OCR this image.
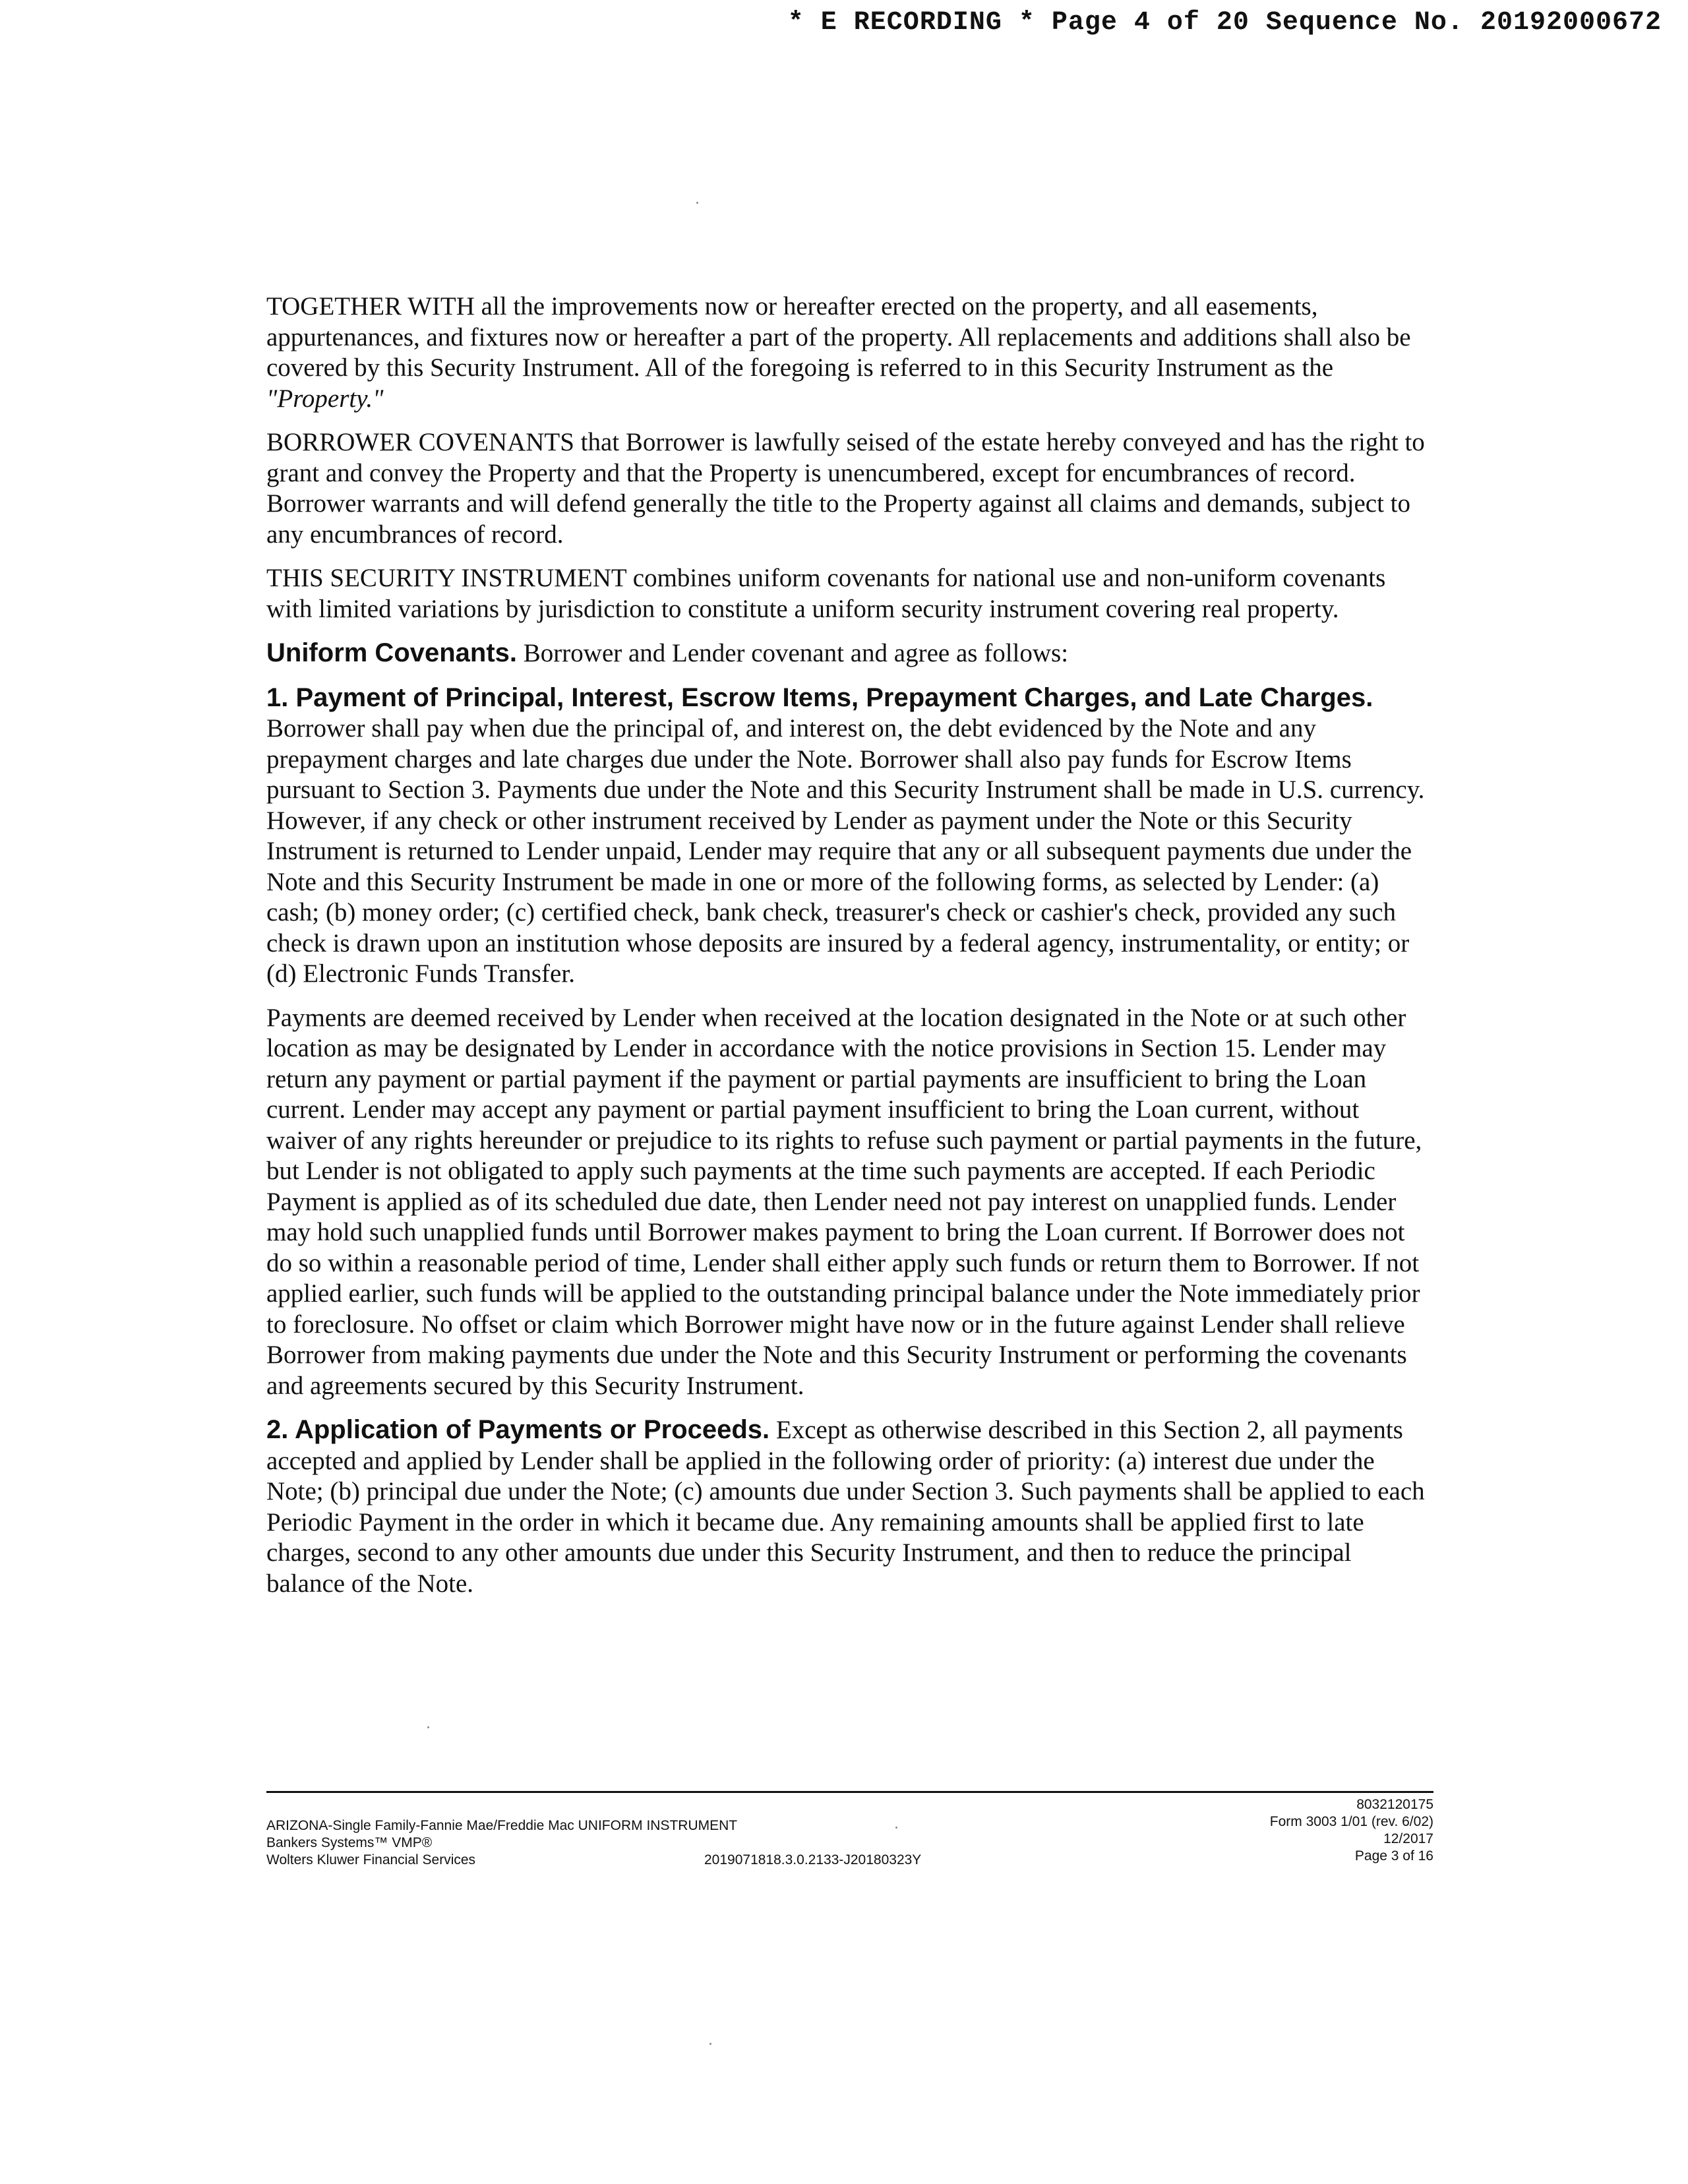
* E RECORDING * Page 4 of 20 Sequence No. 20192000672

TOGETHER WITH all the improvements now or hereafter erected on the property, and all easements, appurtenances, and fixtures now or hereafter a part of the property. All replacements and additions shall also be covered by this Security Instrument. All of the foregoing is referred to in this Security Instrument as the "Property."

BORROWER COVENANTS that Borrower is lawfully seised of the estate hereby conveyed and has the right to grant and convey the Property and that the Property is unencumbered, except for encumbrances of record. Borrower warrants and will defend generally the title to the Property against all claims and demands, subject to any encumbrances of record.

THIS SECURITY INSTRUMENT combines uniform covenants for national use and non-uniform covenants with limited variations by jurisdiction to constitute a uniform security instrument covering real property.

Uniform Covenants. Borrower and Lender covenant and agree as follows:

1. Payment of Principal, Interest, Escrow Items, Prepayment Charges, and Late Charges. Borrower shall pay when due the principal of, and interest on, the debt evidenced by the Note and any prepayment charges and late charges due under the Note. Borrower shall also pay funds for Escrow Items pursuant to Section 3. Payments due under the Note and this Security Instrument shall be made in U.S. currency. However, if any check or other instrument received by Lender as payment under the Note or this Security Instrument is returned to Lender unpaid, Lender may require that any or all subsequent payments due under the Note and this Security Instrument be made in one or more of the following forms, as selected by Lender: (a) cash; (b) money order; (c) certified check, bank check, treasurer's check or cashier's check, provided any such check is drawn upon an institution whose deposits are insured by a federal agency, instrumentality, or entity; or (d) Electronic Funds Transfer.

Payments are deemed received by Lender when received at the location designated in the Note or at such other location as may be designated by Lender in accordance with the notice provisions in Section 15. Lender may return any payment or partial payment if the payment or partial payments are insufficient to bring the Loan current. Lender may accept any payment or partial payment insufficient to bring the Loan current, without waiver of any rights hereunder or prejudice to its rights to refuse such payment or partial payments in the future, but Lender is not obligated to apply such payments at the time such payments are accepted. If each Periodic Payment is applied as of its scheduled due date, then Lender need not pay interest on unapplied funds. Lender may hold such unapplied funds until Borrower makes payment to bring the Loan current. If Borrower does not do so within a reasonable period of time, Lender shall either apply such funds or return them to Borrower. If not applied earlier, such funds will be applied to the outstanding principal balance under the Note immediately prior to foreclosure. No offset or claim which Borrower might have now or in the future against Lender shall relieve Borrower from making payments due under the Note and this Security Instrument or performing the covenants and agreements secured by this Security Instrument.

2. Application of Payments or Proceeds. Except as otherwise described in this Section 2, all payments accepted and applied by Lender shall be applied in the following order of priority: (a) interest due under the Note; (b) principal due under the Note; (c) amounts due under Section 3. Such payments shall be applied to each Periodic Payment in the order in which it became due. Any remaining amounts shall be applied first to late charges, second to any other amounts due under this Security Instrument, and then to reduce the principal balance of the Note.

ARIZONA-Single Family-Fannie Mae/Freddie Mac UNIFORM INSTRUMENT
Bankers Systems™ VMP®
Wolters Kluwer Financial Services	2019071818.3.0.2133-J20180323Y
8032120175
Form 3003 1/01 (rev. 6/02)
12/2017
Page 3 of 16
